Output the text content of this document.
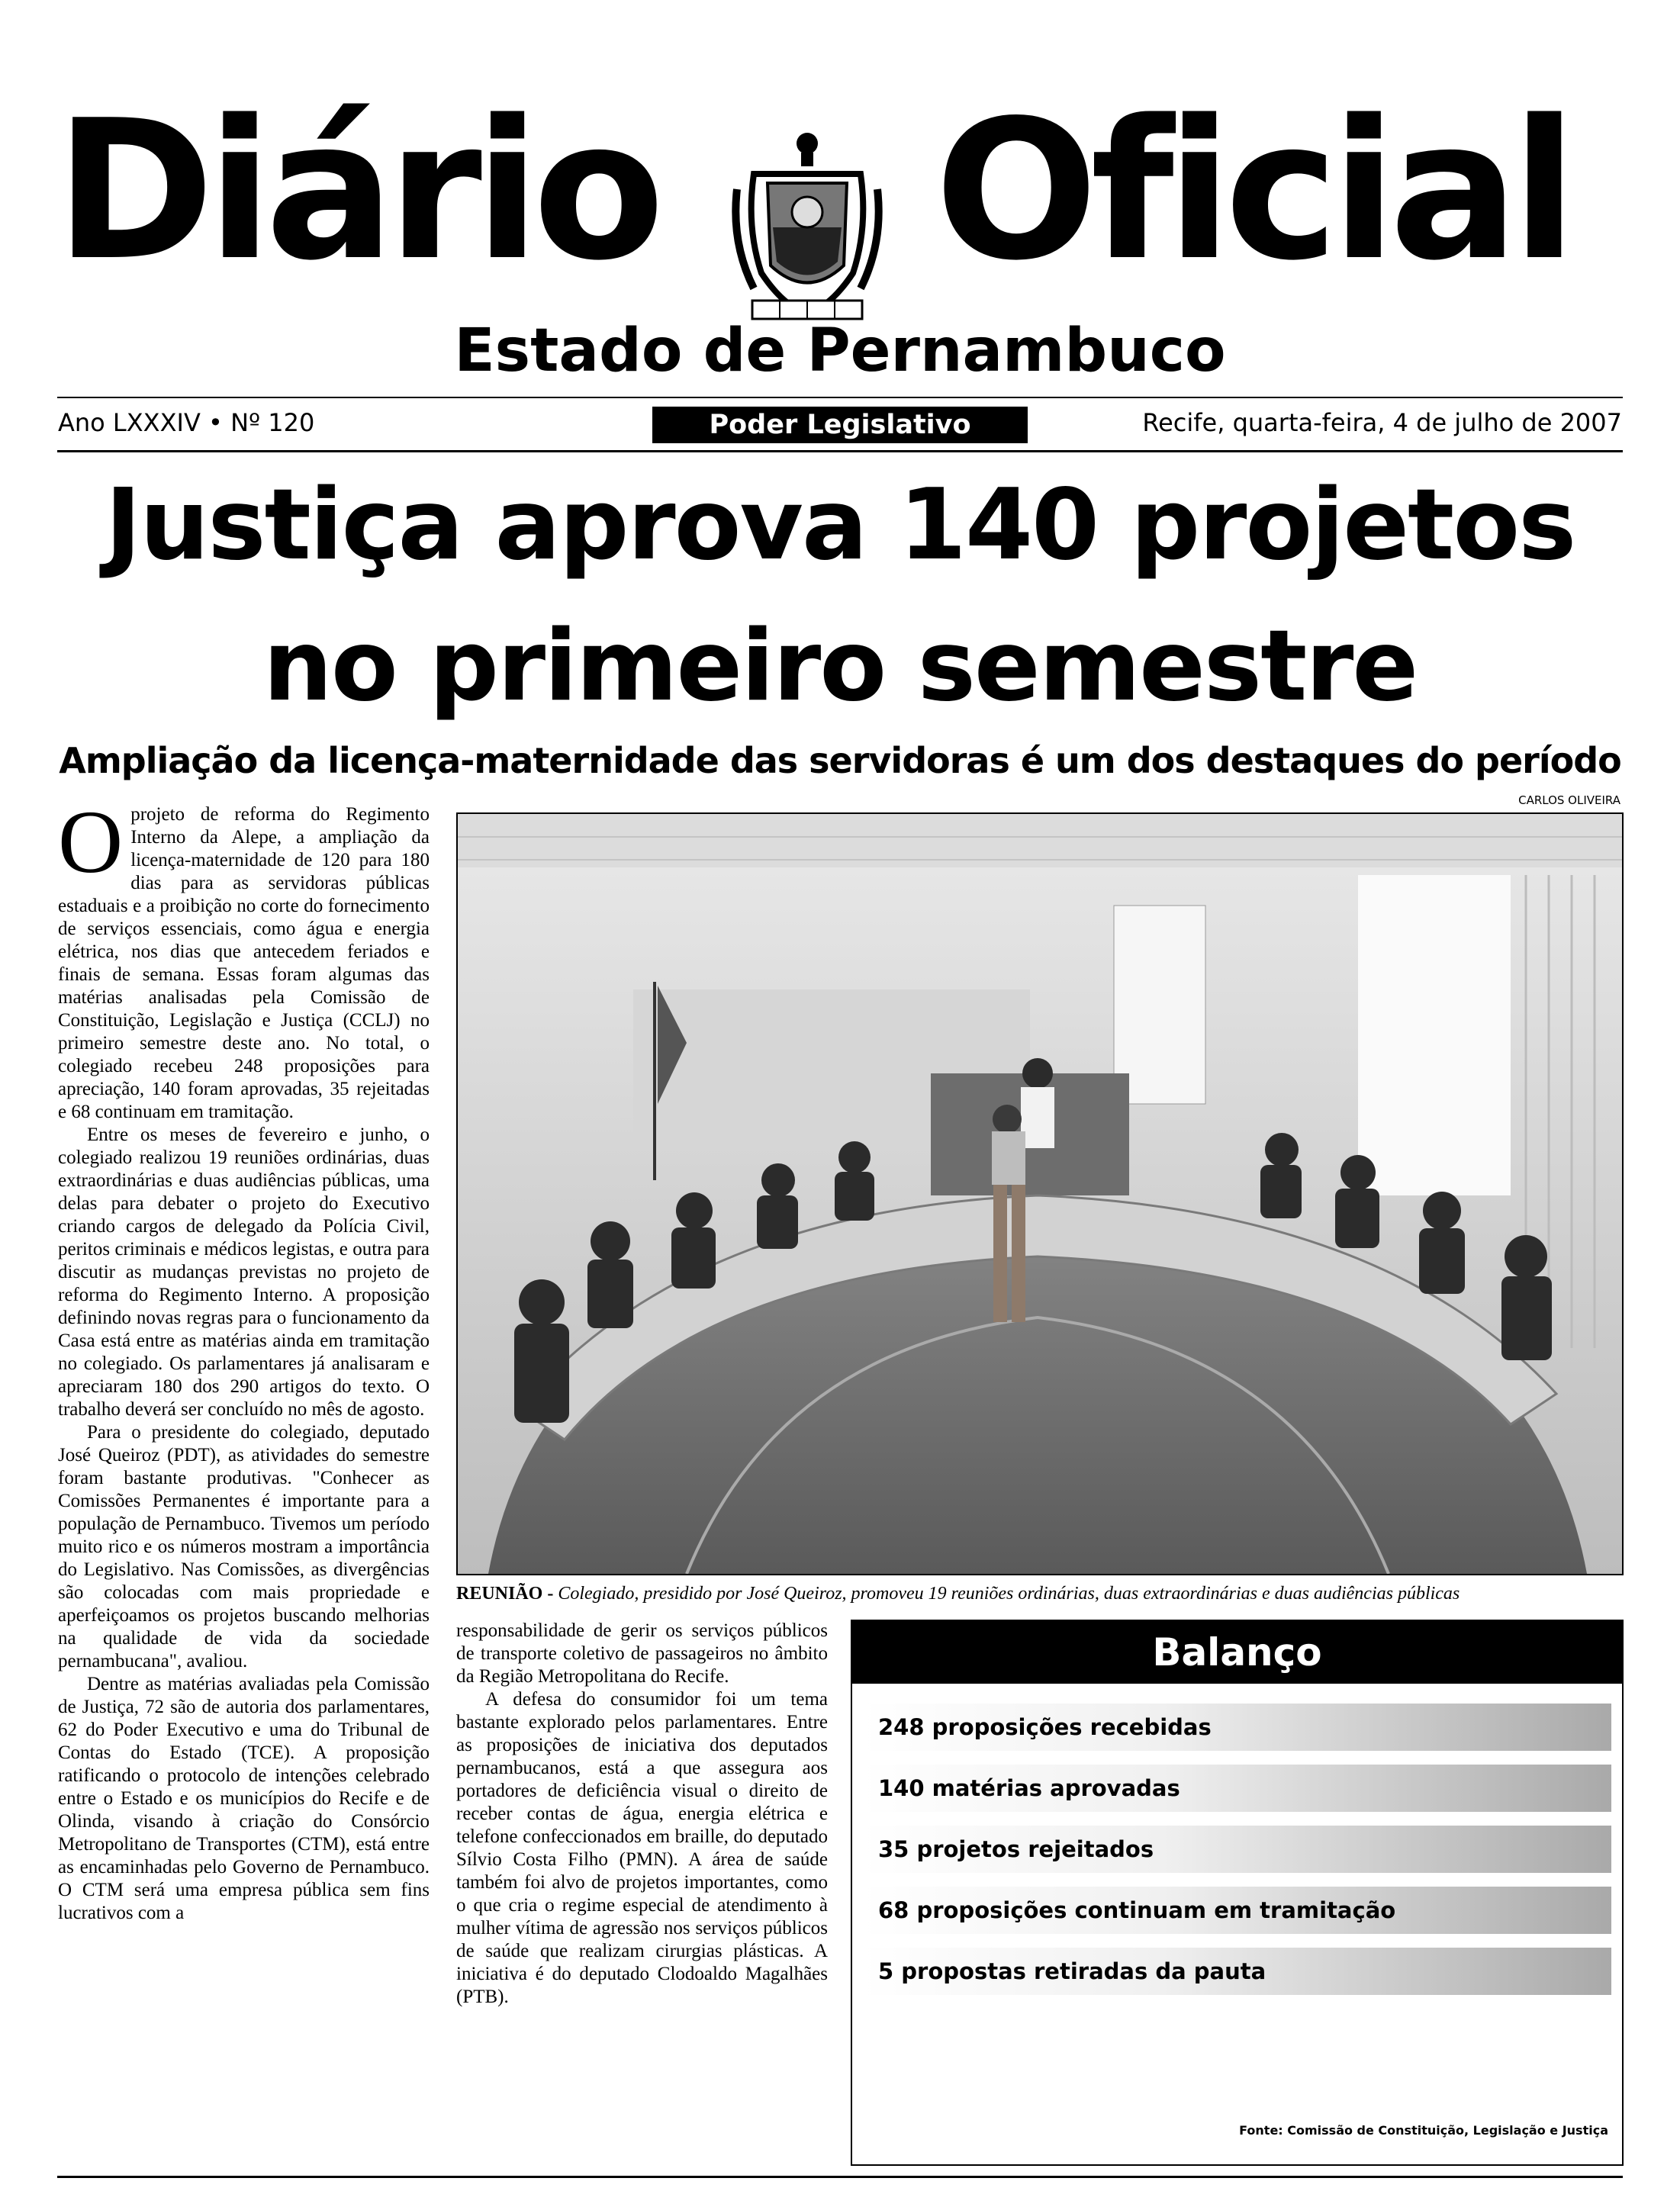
Diário Oficial
Estado de Pernambuco
Ano LXXXIV • Nº 120	Poder Legislativo	Recife, quarta-feira, 4 de julho de 2007
Justiça aprova 140 projetos
no primeiro semestre
Ampliação da licença-maternidade das servidoras é um dos destaques do período

Oprojeto de reforma do Regimento Interno da Alepe, a ampliação da licença-maternidade de 120 para 180 dias para as servidoras públicas estaduais e a proibição no corte do fornecimento de serviços essenciais, como água e energia elétrica, nos dias que antecedem feriados e finais de semana. Essas foram algumas das matérias analisadas pela Comissão de Constituição, Legislação e Justiça (CCLJ) no primeiro semestre deste ano. No total, o colegiado recebeu 248 proposições para apreciação, 140 foram aprovadas, 35 rejeitadas e 68 continuam em tramitação.

Entre os meses de fevereiro e junho, o colegiado realizou 19 reuniões ordinárias, duas extraordinárias e duas audiências públicas, uma delas para debater o projeto do Executivo criando cargos de delegado da Polícia Civil, peritos criminais e médicos legistas, e outra para discutir as mudanças previstas no projeto de reforma do Regimento Interno. A proposição definindo novas regras para o funcionamento da Casa está entre as matérias ainda em tramitação no colegiado. Os parlamentares já analisaram e apreciaram 180 dos 290 artigos do texto. O trabalho deverá ser concluído no mês de agosto.

Para o presidente do colegiado, deputado José Queiroz (PDT), as atividades do semestre foram bastante produtivas. "Conhecer as Comissões Permanentes é importante para a população de Pernambuco. Tivemos um período muito rico e os números mostram a importância do Legislativo. Nas Comissões, as divergências são colocadas com mais propriedade e aperfeiçoamos os projetos buscando melhorias na qualidade de vida da sociedade pernambucana", avaliou.

Dentre as matérias avaliadas pela Comissão de Justiça, 72 são de autoria dos parlamentares, 62 do Poder Executivo e uma do Tribunal de Contas do Estado (TCE). A proposição ratificando o protocolo de intenções celebrado entre o Estado e os municípios do Recife e de Olinda, visando à criação do Consórcio Metropolitano de Transportes (CTM), está entre as encaminhadas pelo Governo de Pernambuco. O CTM será uma empresa pública sem fins lucrativos com a

CARLOS OLIVEIRA
REUNIÃO - Colegiado, presidido por José Queiroz, promoveu 19 reuniões ordinárias, duas extraordinárias e duas audiências públicas

responsabilidade de gerir os serviços públicos de transporte coletivo de passageiros no âmbito da Região Metropolitana do Recife.

A defesa do consumidor foi um tema bastante explorado pelos parlamentares. Entre as proposições de iniciativa dos deputados pernambucanos, está a que assegura aos portadores de deficiência visual o direito de receber contas de água, energia elétrica e telefone confeccionados em braille, do deputado Sílvio Costa Filho (PMN). A área de saúde também foi alvo de projetos importantes, como o que cria o regime especial de atendimento à mulher vítima de agressão nos serviços públicos de saúde que realizam cirurgias plásticas. A iniciativa é do deputado Clodoaldo Magalhães (PTB).

Balanço
248 proposições recebidas
140 matérias aprovadas
35 projetos rejeitados
68 proposições continuam em tramitação
5 propostas retiradas da pauta
Fonte: Comissão de Constituição, Legislação e Justiça
